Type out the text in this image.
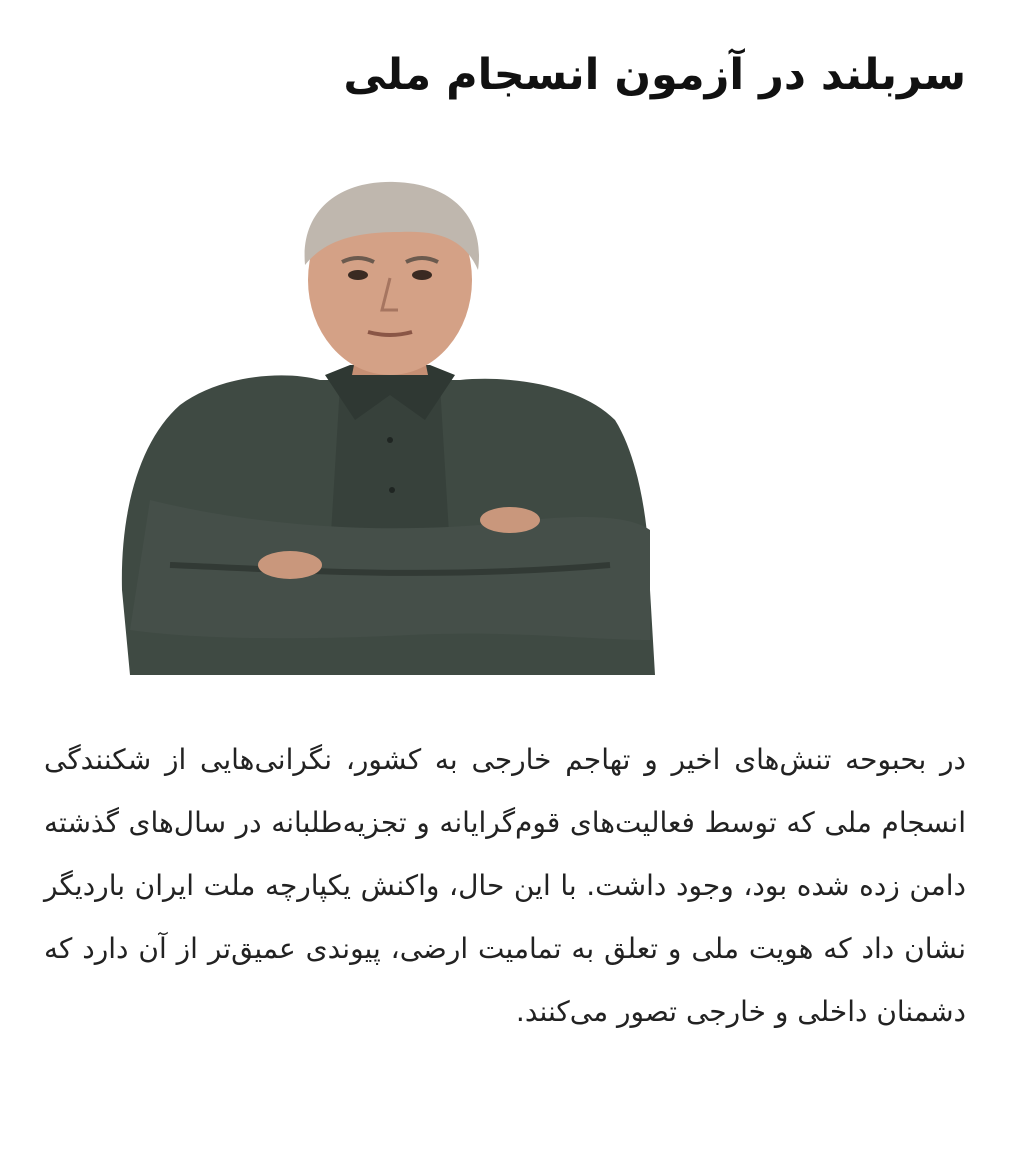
سربلند در آزمون انسجام ملی

در بحبوحه تنش‌های اخیر و تهاجم خارجی به کشور، نگرانی‌هایی از شکنندگی انسجام ملی که توسط فعالیت‌های قوم‌گرایانه و تجزیه‌طلبانه در سال‌های گذشته دامن زده شده بود، وجود داشت. با این حال، واکنش یکپارچه ملت ایران باردیگر نشان داد که هویت ملی و تعلق به تمامیت ارضی، پیوندی عمیق‌تر از آن دارد که دشمنان داخلی و خارجی تصور می‌کنند.
